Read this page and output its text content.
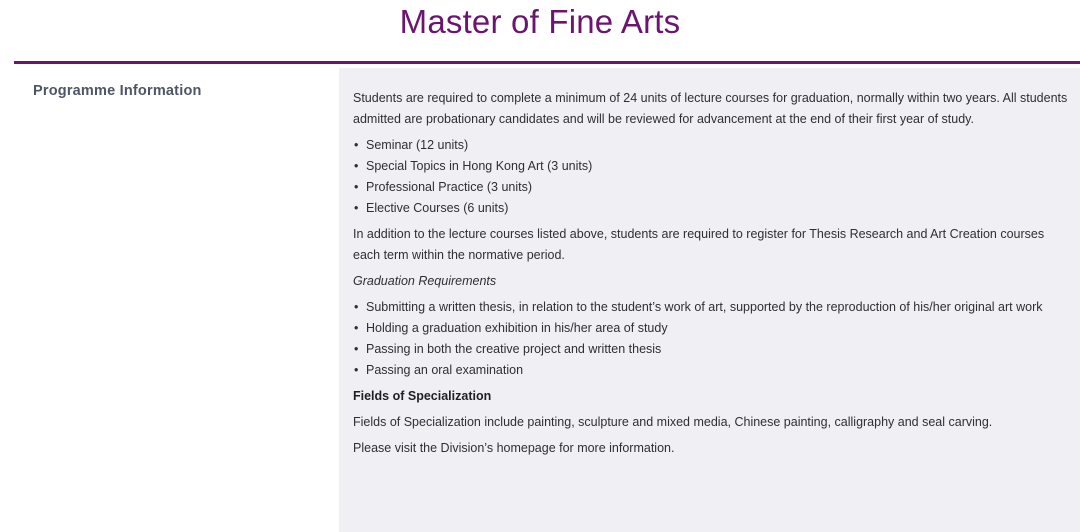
Master of Fine Arts
Programme Information	Students are required to complete a minimum of 24 units of lecture courses for graduation, normally within two years. All students admitted are probationary candidates and will be reviewed for advancement at the end of their first year of study.

• Seminar (12 units)
• Special Topics in Hong Kong Art (3 units)
• Professional Practice (3 units)
• Elective Courses (6 units)

In addition to the lecture courses listed above, students are required to register for Thesis Research and Art Creation courses each term within the normative period.

Graduation Requirements

• Submitting a written thesis, in relation to the student’s work of art, supported by the reproduction of his/her original art work
• Holding a graduation exhibition in his/her area of study
• Passing in both the creative project and written thesis
• Passing an oral examination

Fields of Specialization

Fields of Specialization include painting, sculpture and mixed media, Chinese painting, calligraphy and seal carving.

Please visit the Division’s homepage for more information.
